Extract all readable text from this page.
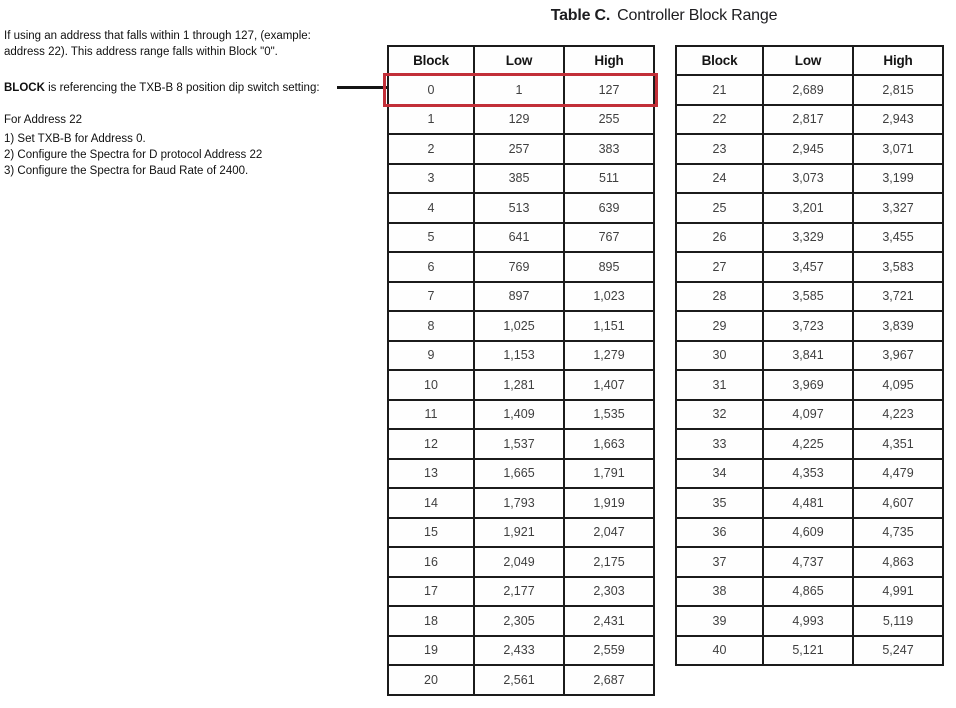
Table C. Controller Block Range
If using an address that falls within 1 through 127, (example:
address 22). This address range falls within Block "0".
BLOCK is referencing the TXB-B 8 position dip switch setting:
For Address 22
1) Set TXB-B for Address 0.
2) Configure the Spectra for D protocol Address 22
3) Configure the Spectra for Baud Rate of 2400.
Block	Low	High
0	1	127
1	129	255
2	257	383
3	385	511
4	513	639
5	641	767
6	769	895
7	897	1,023
8	1,025	1,151
9	1,153	1,279
10	1,281	1,407
11	1,409	1,535
12	1,537	1,663
13	1,665	1,791
14	1,793	1,919
15	1,921	2,047
16	2,049	2,175
17	2,177	2,303
18	2,305	2,431
19	2,433	2,559
20	2,561	2,687
Block	Low	High
21	2,689	2,815
22	2,817	2,943
23	2,945	3,071
24	3,073	3,199
25	3,201	3,327
26	3,329	3,455
27	3,457	3,583
28	3,585	3,721
29	3,723	3,839
30	3,841	3,967
31	3,969	4,095
32	4,097	4,223
33	4,225	4,351
34	4,353	4,479
35	4,481	4,607
36	4,609	4,735
37	4,737	4,863
38	4,865	4,991
39	4,993	5,119
40	5,121	5,247
